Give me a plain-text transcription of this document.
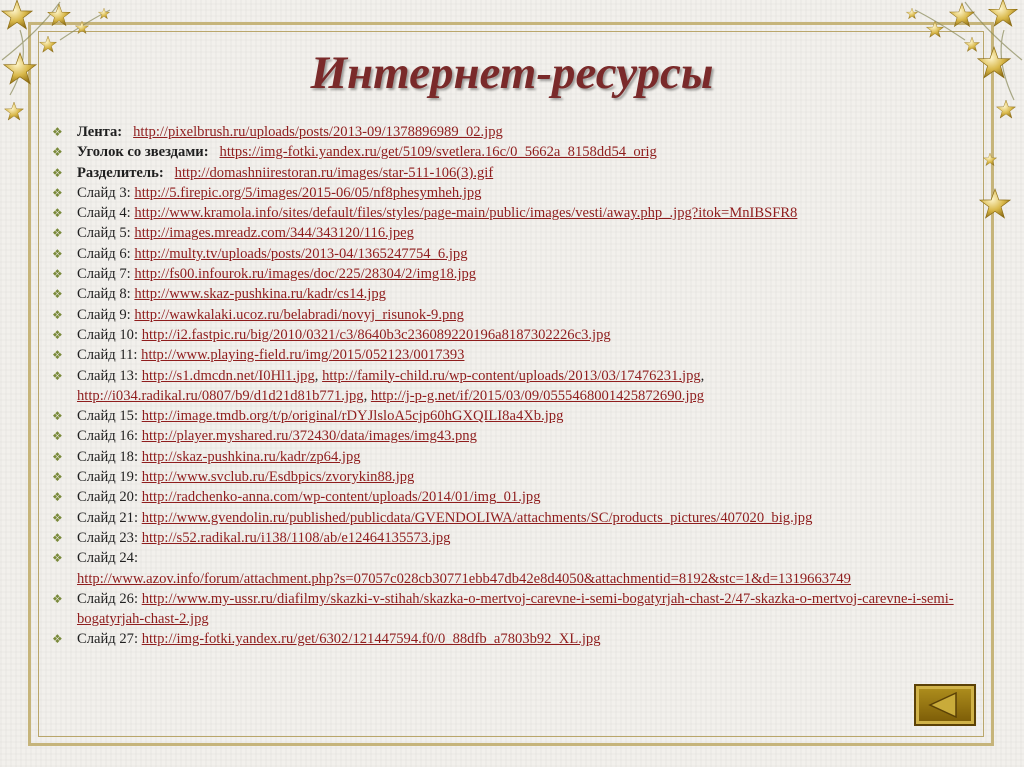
Интернет-ресурсы
❖ Лента: http://pixelbrush.ru/uploads/posts/2013-09/1378896989_02.jpg
❖ Уголок со звездами: https://img-fotki.yandex.ru/get/5109/svetlera.16c/0_5662a_8158dd54_orig
❖ Разделитель: http://domashniirestoran.ru/images/star-511-106(3).gif
❖ Слайд 3: http://5.firepic.org/5/images/2015-06/05/nf8phesymheh.jpg
❖ Слайд 4: http://www.kramola.info/sites/default/files/styles/page-main/public/images/vesti/away.php_.jpg?itok=MnIBSFR8
❖ Слайд 5: http://images.mreadz.com/344/343120/116.jpeg
❖ Слайд 6: http://multy.tv/uploads/posts/2013-04/1365247754_6.jpg
❖ Слайд 7: http://fs00.infourok.ru/images/doc/225/28304/2/img18.jpg
❖ Слайд 8: http://www.skaz-pushkina.ru/kadr/cs14.jpg
❖ Слайд 9: http://wawkalaki.ucoz.ru/belabradi/novyj_risunok-9.png
❖ Слайд 10: http://i2.fastpic.ru/big/2010/0321/c3/8640b3c236089220196a8187302226c3.jpg
❖ Слайд 11: http://www.playing-field.ru/img/2015/052123/0017393
❖ Слайд 13: http://s1.dmcdn.net/I0Hl1.jpg, http://family-child.ru/wp-content/uploads/2013/03/17476231.jpg,
http://i034.radikal.ru/0807/b9/d1d21d81b771.jpg, http://j-p-g.net/if/2015/03/09/0555468001425872690.jpg
❖ Слайд 15: http://image.tmdb.org/t/p/original/rDYJlsloA5cjp60hGXQILI8a4Xb.jpg
❖ Слайд 16: http://player.myshared.ru/372430/data/images/img43.png
❖ Слайд 18: http://skaz-pushkina.ru/kadr/zp64.jpg
❖ Слайд 19: http://www.svclub.ru/Esdbpics/zvorykin88.jpg
❖ Слайд 20: http://radchenko-anna.com/wp-content/uploads/2014/01/img_01.jpg
❖ Слайд 21: http://www.gvendolin.ru/published/publicdata/GVENDOLIWA/attachments/SC/products_pictures/407020_big.jpg
❖ Слайд 23: http://s52.radikal.ru/i138/1108/ab/e12464135573.jpg
❖ Слайд 24:
http://www.azov.info/forum/attachment.php?s=07057c028cb30771ebb47db42e8d4050&attachmentid=8192&stc=1&d=1319663749
❖ Слайд 26: http://www.my-ussr.ru/diafilmy/skazki-v-stihah/skazka-o-mertvoj-carevne-i-semi-bogatyrjah-chast-2/47-skazka-o-mertvoj-carevne-i-semi-bogatyrjah-chast-2.jpg
❖ Слайд 27: http://img-fotki.yandex.ru/get/6302/121447594.f0/0_88dfb_a7803b92_XL.jpg
